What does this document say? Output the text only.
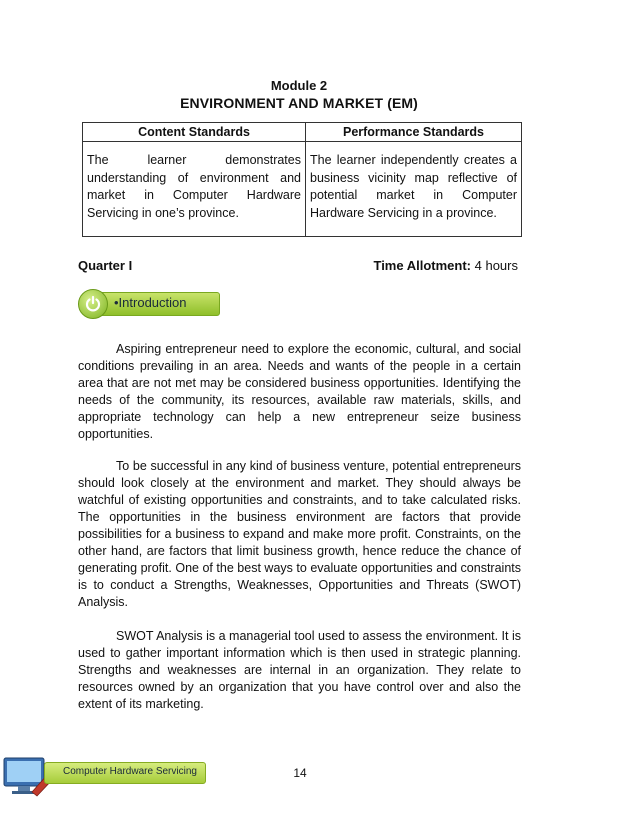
Module 2
ENVIRONMENT AND MARKET (EM)
Content Standards	Performance Standards
The learner demonstrates understanding of environment and market in Computer Hardware Servicing in one’s province.	The learner independently creates a business vicinity map reflective of potential market in Computer Hardware Servicing in a province.
Quarter I	Time Allotment: 4 hours
•Introduction

Aspiring entrepreneur need to explore the economic, cultural, and social conditions prevailing in an area. Needs and wants of the people in a certain area that are not met may be considered business opportunities. Identifying the needs of the community, its resources, available raw materials, skills, and appropriate technology can help a new entrepreneur seize business opportunities.

To be successful in any kind of business venture, potential entrepreneurs should look closely at the environment and market. They should always be watchful of existing opportunities and constraints, and to take calculated risks. The opportunities in the business environment are factors that provide possibilities for a business to expand and make more profit. Constraints, on the other hand, are factors that limit business growth, hence reduce the chance of generating profit. One of the best ways to evaluate opportunities and constraints is to conduct a Strengths, Weaknesses, Opportunities and Threats (SWOT) Analysis.

SWOT Analysis is a managerial tool used to assess the environment. It is used to gather important information which is then used in strategic planning. Strengths and weaknesses are internal in an organization. They relate to resources owned by an organization that you have control over and also the extent of its marketing.

Computer Hardware Servicing	14
